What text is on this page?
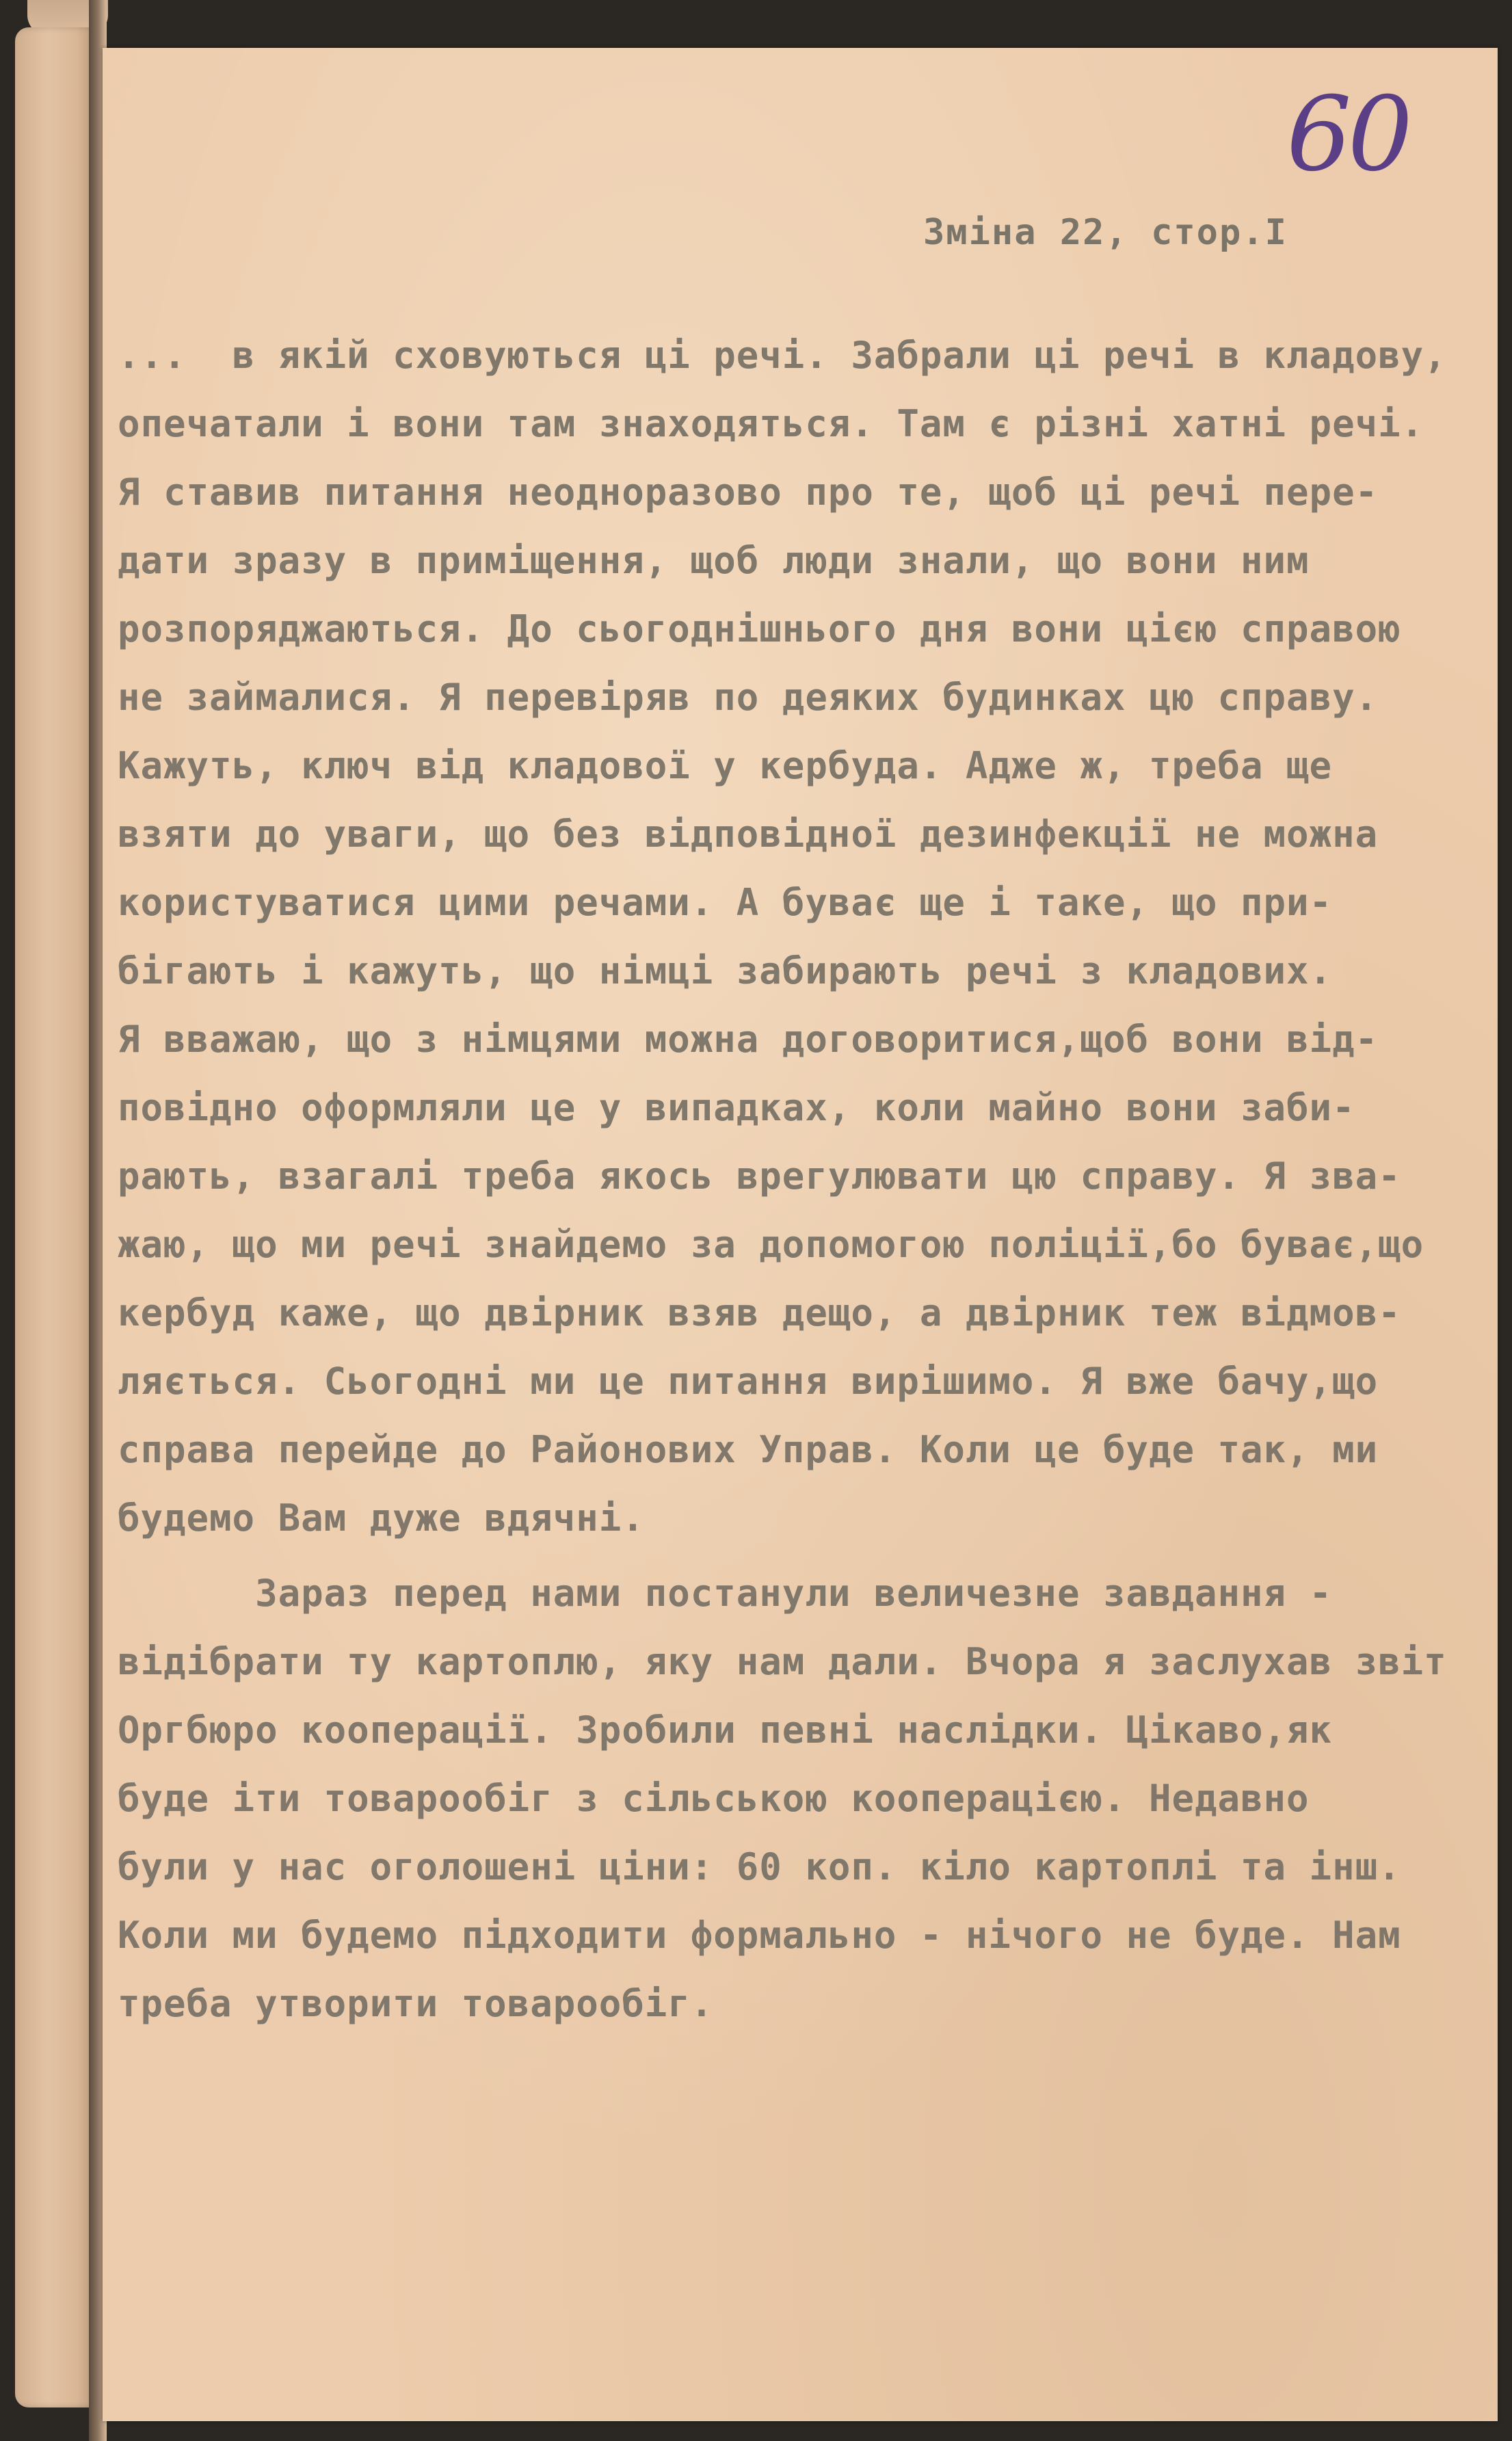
60
Зміна 22, стор.І
...  в якій сховуються ці речі. Забрали ці речі в кладову,
опечатали і вони там знаходяться. Там є різні хатні речі.
Я ставив питання неодноразово про те, щоб ці речі пере-
дати зразу в приміщення, щоб люди знали, що вони ним
розпоряджаються. До сьогоднішнього дня вони цією справою
не займалися. Я перевіряв по деяких будинках цю справу.
Кажуть, ключ від кладової у кербуда. Адже ж, треба ще
взяти до уваги, що без відповідної дезинфекції не можна
користуватися цими речами. А буває ще і таке, що при-
бігають і кажуть, що німці забирають речі з кладових.
Я вважаю, що з німцями можна договоритися,щоб вони від-
повідно оформляли це у випадках, коли майно вони заби-
рають, взагалі треба якось врегулювати цю справу. Я зва-
жаю, що ми речі знайдемо за допомогою поліції,бо буває,що
кербуд каже, що двірник взяв дещо, а двірник теж відмов-
ляється. Сьогодні ми це питання вирішимо. Я вже бачу,що
справа перейде до Районових Управ. Коли це буде так, ми
будемо Вам дуже вдячні.
Зараз перед нами постанули величезне завдання -
відібрати ту картоплю, яку нам дали. Вчора я заслухав звіт
Оргбюро кооперації. Зробили певні наслідки. Цікаво,як
буде іти товарообіг з сільською кооперацією. Недавно
були у нас оголошені ціни: 60 коп. кіло картоплі та інш.
Коли ми будемо підходити формально - нічого не буде. Нам
треба утворити товарообіг.
